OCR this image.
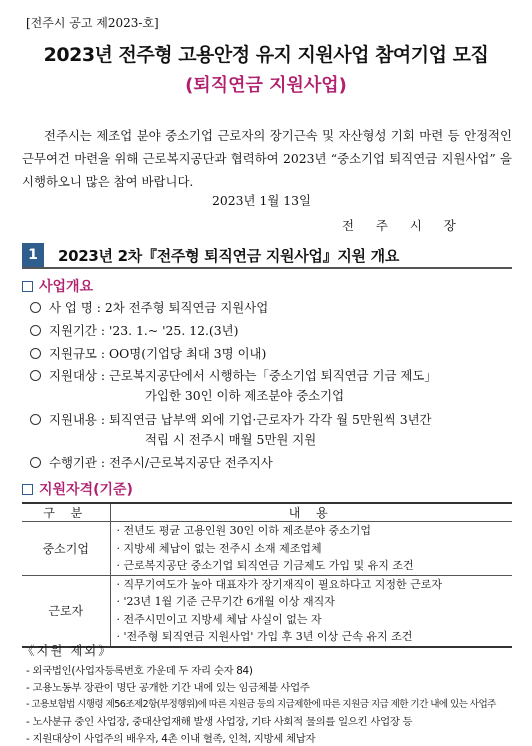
[전주시 공고 제2023-호]
2023년 전주형 고용안정 유지 지원사업 참여기업 모집
(퇴직연금 지원사업)

전주시는 제조업 분야 중소기업 근로자의 장기근속 및 자산형성 기회 마련 등 안정적인 근무여건 마련을 위해 근로복지공단과 협력하여 2023년 “중소기업 퇴직연금 지원사업” 을 시행하오니 많은 참여 바랍니다.

2023년 1월 13일
전 주 시 장
1	2023년 2차『전주형 퇴직연금 지원사업』지원 개요
사업개요
사 업 명 : 2차 전주형 퇴직연금 지원사업
지원기간 : '23. 1.~ '25. 12.(3년)
지원규모 : OO명(기업당 최대 3명 이내)
지원대상 : 근로복지공단에서 시행하는「중소기업 퇴직연금 기금 제도」
가입한 30인 이하 제조분야 중소기업
지원내용 : 퇴직연금 납부액 외에 기업·근로자가 각각 월 5만원씩 3년간
적립 시 전주시 매월 5만원 지원
수행기관 : 전주시/근로복지공단 전주지사
지원자격(기준)
구 분	내 용
중소기업	· 전년도 평균 고용인원 30인 이하 제조분야 중소기업
· 지방세 체납이 없는 전주시 소재 제조업체
· 근로복지공단 중소기업 퇴직연금 기금제도 가입 및 유지 조건

근로자	· 직무기여도가 높아 대표자가 장기재직이 필요하다고 지정한 근로자
· '23년 1월 기준 근무기간 6개월 이상 재직자
· 전주시민이고 지방세 체납 사실이 없는 자
· '전주형 퇴직연금 지원사업' 가입 후 3년 이상 근속 유지 조건
《지원 제외》
- 외국법인(사업자등록번호 가운데 두 자리 숫자 84)
- 고용노동부 장관이 명단 공개한 기간 내에 있는 임금체불 사업주
- 고용보험법 시행령 제56조제2항(부정행위)에 따른 지원금 등의 지급제한에 따른 지원금 지급 제한 기간 내에 있는 사업주
- 노사분규 중인 사업장, 중대산업재해 발생 사업장, 기타 사회적 물의를 일으킨 사업장 등
- 지원대상이 사업주의 배우자, 4촌 이내 혈족, 인척, 지방세 체납자
